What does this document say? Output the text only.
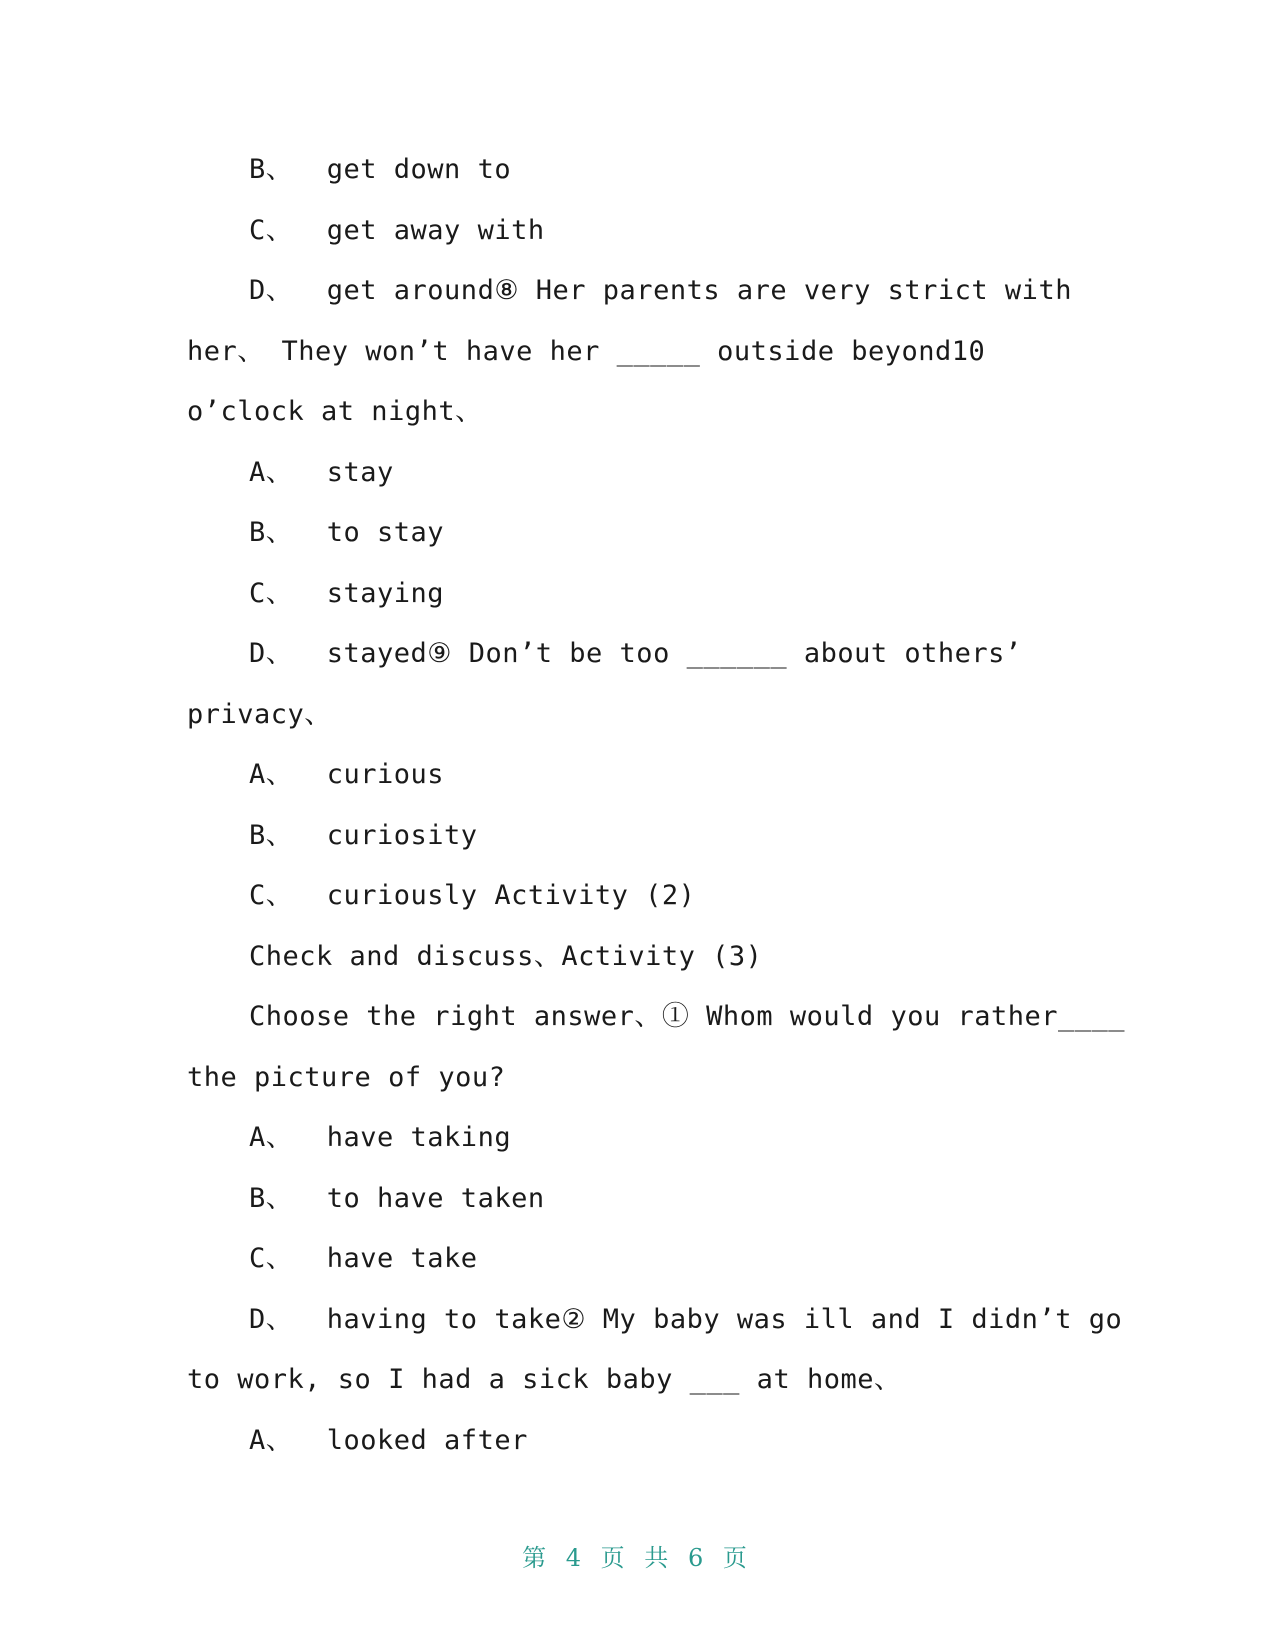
B、  get down to
C、  get away with
D、  get around⑧ Her parents are very strict with
her、 They won’t have her _____ outside beyond10
o’clock at night、
A、  stay
B、  to stay
C、  staying
D、  stayed⑨ Don’t be too ______ about others’
privacy、
A、  curious
B、  curiosity
C、  curiously Activity (2)
Check and discuss、Activity (3)
Choose the right answer、① Whom would you rather____
the picture of you?
A、  have taking
B、  to have taken
C、  have take
D、  having to take② My baby was ill and I didn’t go
to work, so I had a sick baby ___ at home、
A、  looked after
第 4 页 共 6 页
